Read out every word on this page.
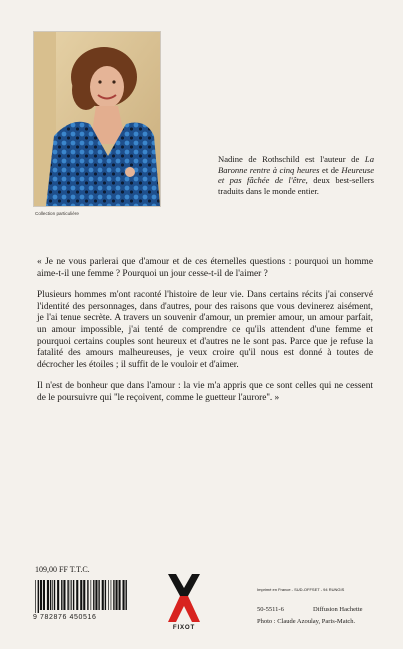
Collection particulière
Nadine de Rothschild est l'auteur de La Baronne rentre à cinq heures et de Heureuse et pas fâchée de l'être, deux best-sellers traduits dans le monde entier.

« Je ne vous parlerai que d'amour et de ces éternelles questions : pourquoi un homme aime-t-il une femme ? Pourquoi un jour cesse-t-il de l'aimer ?

Plusieurs hommes m'ont raconté l'histoire de leur vie. Dans certains récits j'ai conservé l'identité des personnages, dans d'autres, pour des raisons que vous devinerez aisément, je l'ai tenue secrète. A travers un souvenir d'amour, un premier amour, un amour parfait, un amour impossible, j'ai tenté de comprendre ce qu'ils attendent d'une femme et pourquoi certains couples sont heureux et d'autres ne le sont pas. Parce que je refuse la fatalité des amours malheureuses, je veux croire qu'il nous est donné à toutes de décrocher les étoiles ; il suffit de le vouloir et d'aimer.

Il n'est de bonheur que dans l'amour : la vie m'a appris que ce sont celles qui ne cessent de le poursuivre qui ''le reçoivent, comme le guetteur l'aurore''. »

109,00 FF T.T.C.
9 782876 450516
FIXOT
Imprimé en France - SUD-OFFSET - 94 RUNGIS
50-5511-6	Diffusion Hachette
Photo : Claude Azoulay, Paris-Match.
